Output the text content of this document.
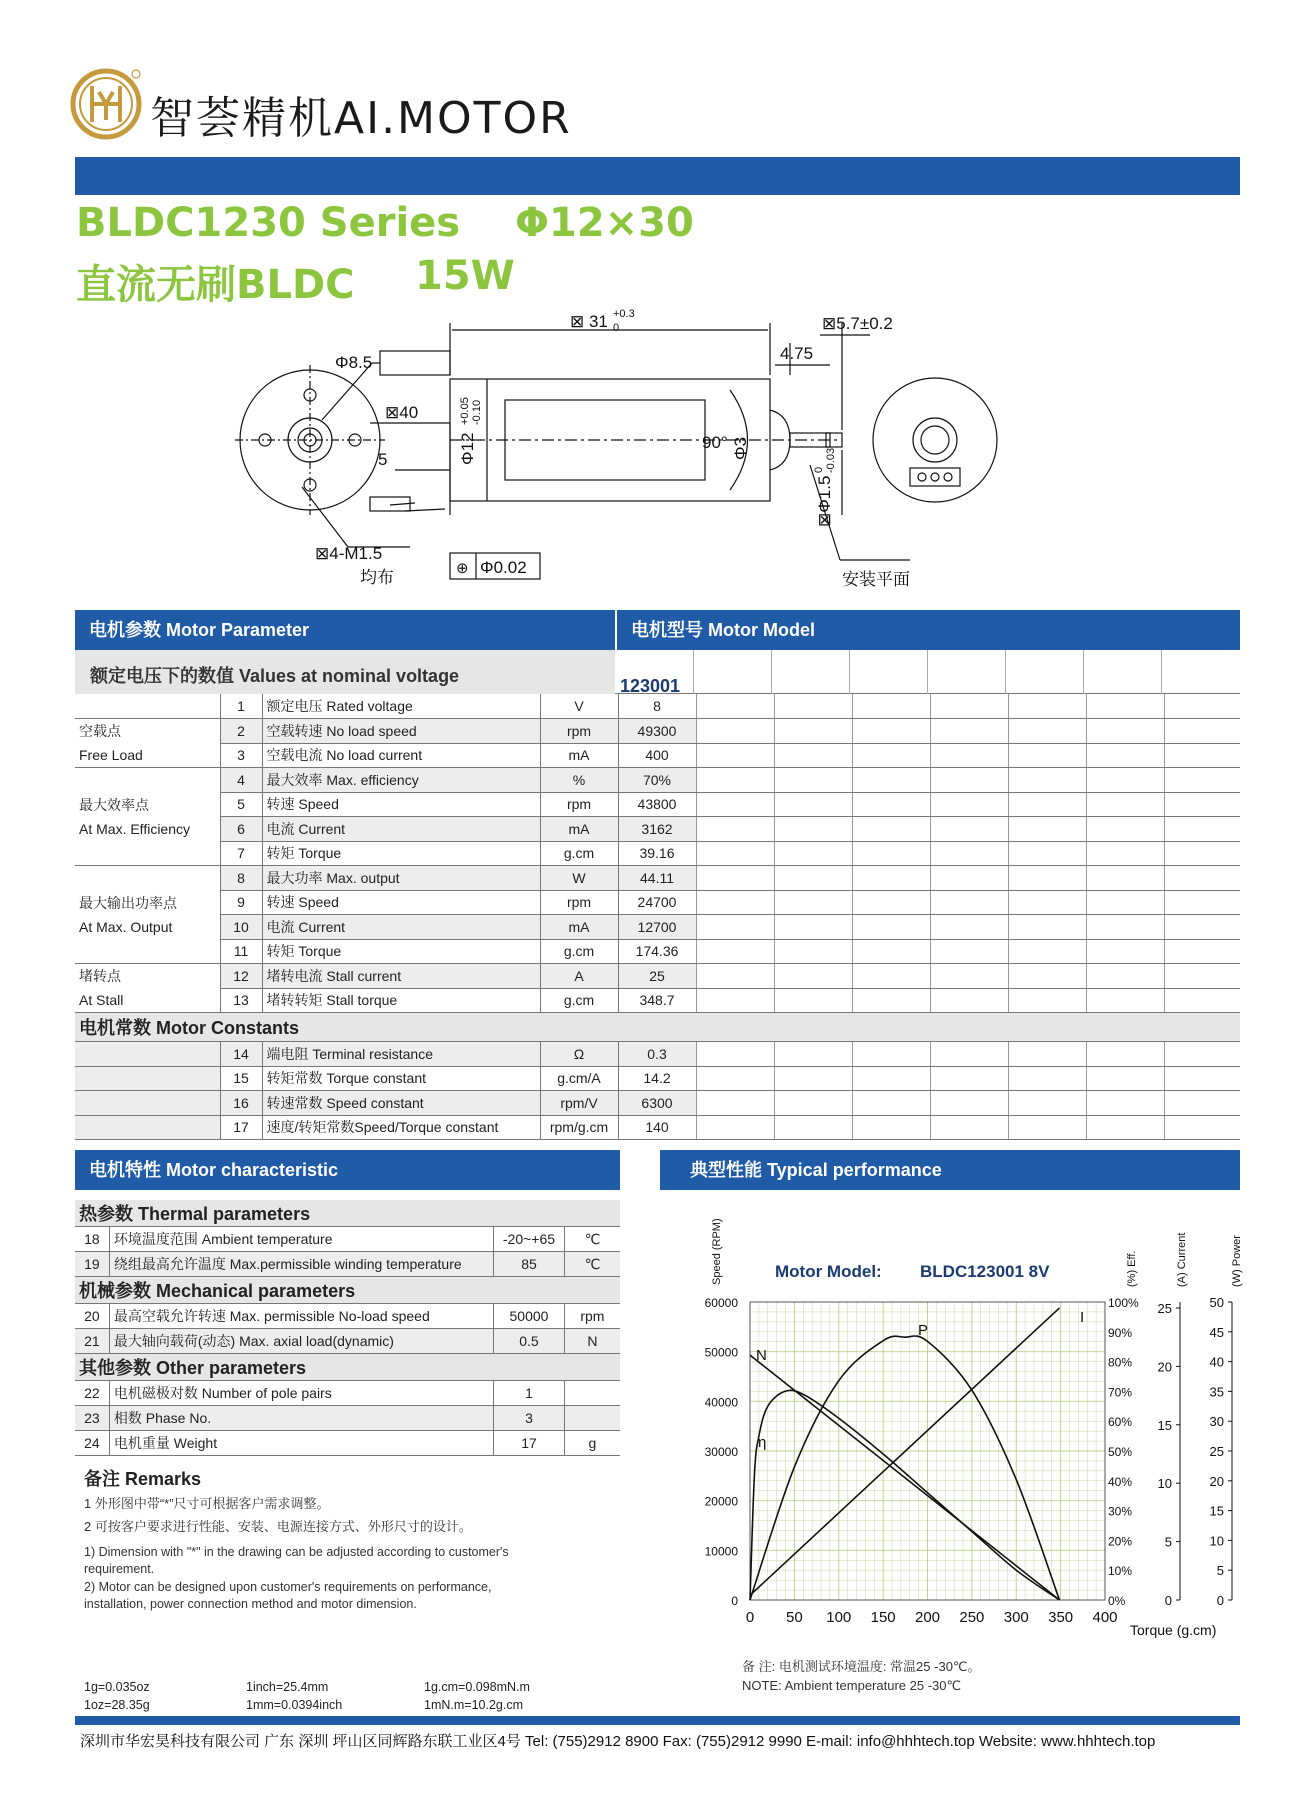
智荟精机AI.MOTOR
BLDC1230 Series Φ12×30
直流无刷BLDC 15W
⊠ 31 +0.3
0	⊠5.7±0.2
4.75
Φ8.5
⊠40
5	Φ12
+0.05 -0.10
90° Φ3
⊠Φ1.5
0 -0.03
⊠4-M1.5
均布	⊕ Φ0.02
安装平面
电机参数 Motor Parameter	电机型号 Motor Model
额定电压下的数值 Values at nominal voltage	123001
	1	额定电压 Rated voltage	V	8							

空载点
Free Load	2	空载转速 No load speed	rpm	49300							
	3	空载电流 No load current	mA	400							

最大效率点
At Max. Efficiency	4	最大效率 Max. efficiency	%	70%							
	5	转速 Speed	rpm	43800							
	6	电流 Current	mA	3162							
	7	转矩 Torque	g.cm	39.16							

最大输出功率点
At Max. Output	8	最大功率 Max. output	W	44.11							
	9	转速 Speed	rpm	24700							
	10	电流 Current	mA	12700							
	11	转矩 Torque	g.cm	174.36							

堵转点
At Stall	12	堵转电流 Stall current	A	25							
	13	堵转转矩 Stall torque	g.cm	348.7							
电机常数 Motor Constants											
	14	端电阻 Terminal resistance	Ω	0.3							
	15	转矩常数 Torque constant	g.cm/A	14.2							
	16	转速常数 Speed constant	rpm/V	6300							
	17	速度/转矩常数Speed/Torque constant	rpm/g.cm	140							
电机特性 Motor characteristic	典型性能 Typical performance
热参数 Thermal parameters			
18	环境温度范围 Ambient temperature	-20~+65	℃
19	绕组最高允许温度 Max.permissible winding temperature	85	℃
机械参数 Mechanical parameters			
20	最高空载允许转速 Max. permissible No-load speed	50000	rpm
21	最大轴向载荷(动态) Max. axial load(dynamic)	0.5	N
其他参数 Other parameters			
22	电机磁极对数 Number of pole pairs	1	
23	相数 Phase No.	3	
24	电机重量 Weight	17	g
备注 Remarks
1 外形图中带“*”尺寸可根据客户需求调整。
2 可按客户要求进行性能、安装、电源连接方式、外形尺寸的设计。
1) Dimension with "*" in the drawing can be adjusted according to customer's
requirement.
2) Motor can be designed upon customer's requirements on performance,
installation, power connection method and motor dimension.
0 50 100 150 200 250 300 350 400
Torque (g.cm)
0
10000
20000
30000
40000
50000
60000
0%
10%
20%
30%
40%
50%
60%
70%
80%
90%
100%
0
5
10
15
20
25
0
5
10
15
20
25
30
35
40
45
50
Speed (RPM)	(%) Eff.	(A) Current	(W) Power
Motor Model: BLDC123001 8V
N
I
P
η
备 注: 电机测试环境温度: 常温25 -30℃。
NOTE: Ambient temperature 25 -30℃
1g=0.035oz	1inch=25.4mm	1g.cm=0.098mN.m
1oz=28.35g	1mm=0.0394inch	1mN.m=10.2g.cm
深圳市华宏昊科技有限公司 广东 深圳 坪山区同辉路东联工业区4号 Tel: (755)2912 8900 Fax: (755)2912 9990 E-mail: info@hhhtech.top Website: www.hhhtech.top
